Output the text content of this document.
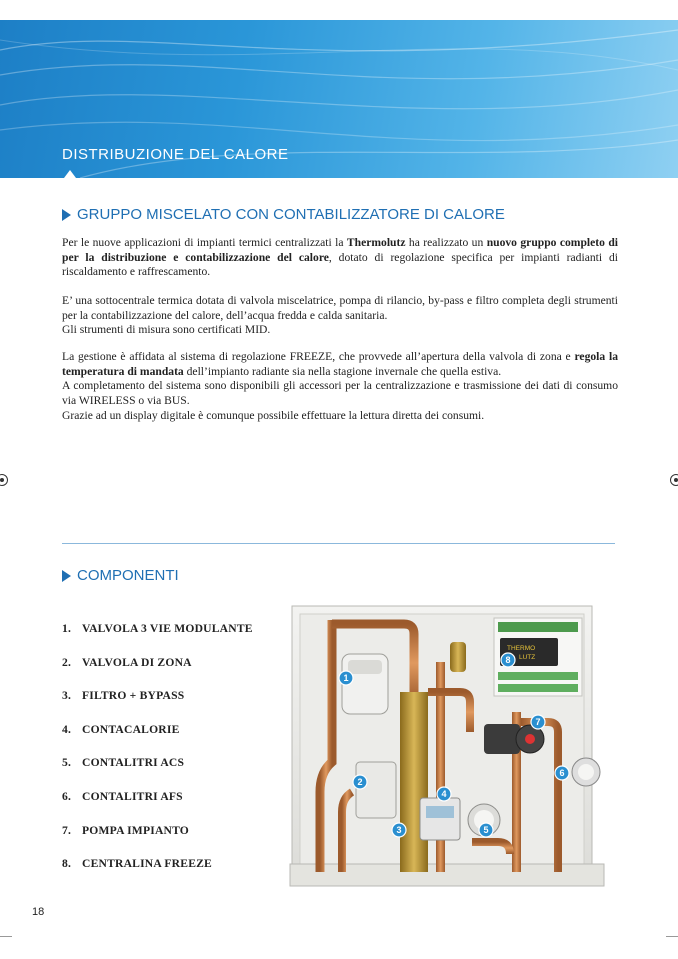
DISTRIBUZIONE DEL CALORE
GRUPPO MISCELATO CON CONTABILIZZATORE DI CALORE
Per le nuove applicazioni di impianti termici centralizzati la Thermolutz ha realizzato un nuovo gruppo completo di per la distribuzione e contabilizzazione del calore, dotato di regolazione specifica per impianti radianti di riscaldamento e raffrescamento.
E’ una sottocentrale termica dotata di valvola miscelatrice, pompa di rilancio, by-pass e filtro completa degli strumenti per la contabilizzazione del calore, dell’acqua fredda e calda sanitaria.
Gli strumenti di misura sono certificati MID.
La gestione è affidata al sistema di regolazione FREEZE, che provvede all’apertura della valvola di zona e regola la temperatura di mandata dell’impianto radiante sia nella stagione invernale che quella estiva.
A completamento del sistema sono disponibili gli accessori per la centralizzazione e trasmissione dei dati di consumo via WIRELESS o via BUS.
Grazie ad un display digitale è comunque possibile effettuare la lettura diretta dei consumi.
COMPONENTI
1. VALVOLA 3 VIE MODULANTE
2. VALVOLA DI ZONA
3. FILTRO + BYPASS
4. CONTACALORIE
5. CONTALITRI ACS
6. CONTALITRI AFS
7. POMPA IMPIANTO
8. CENTRALINA FREEZE
THERMO
LUTZ
1
2
3
4
5
6
7
8
18
